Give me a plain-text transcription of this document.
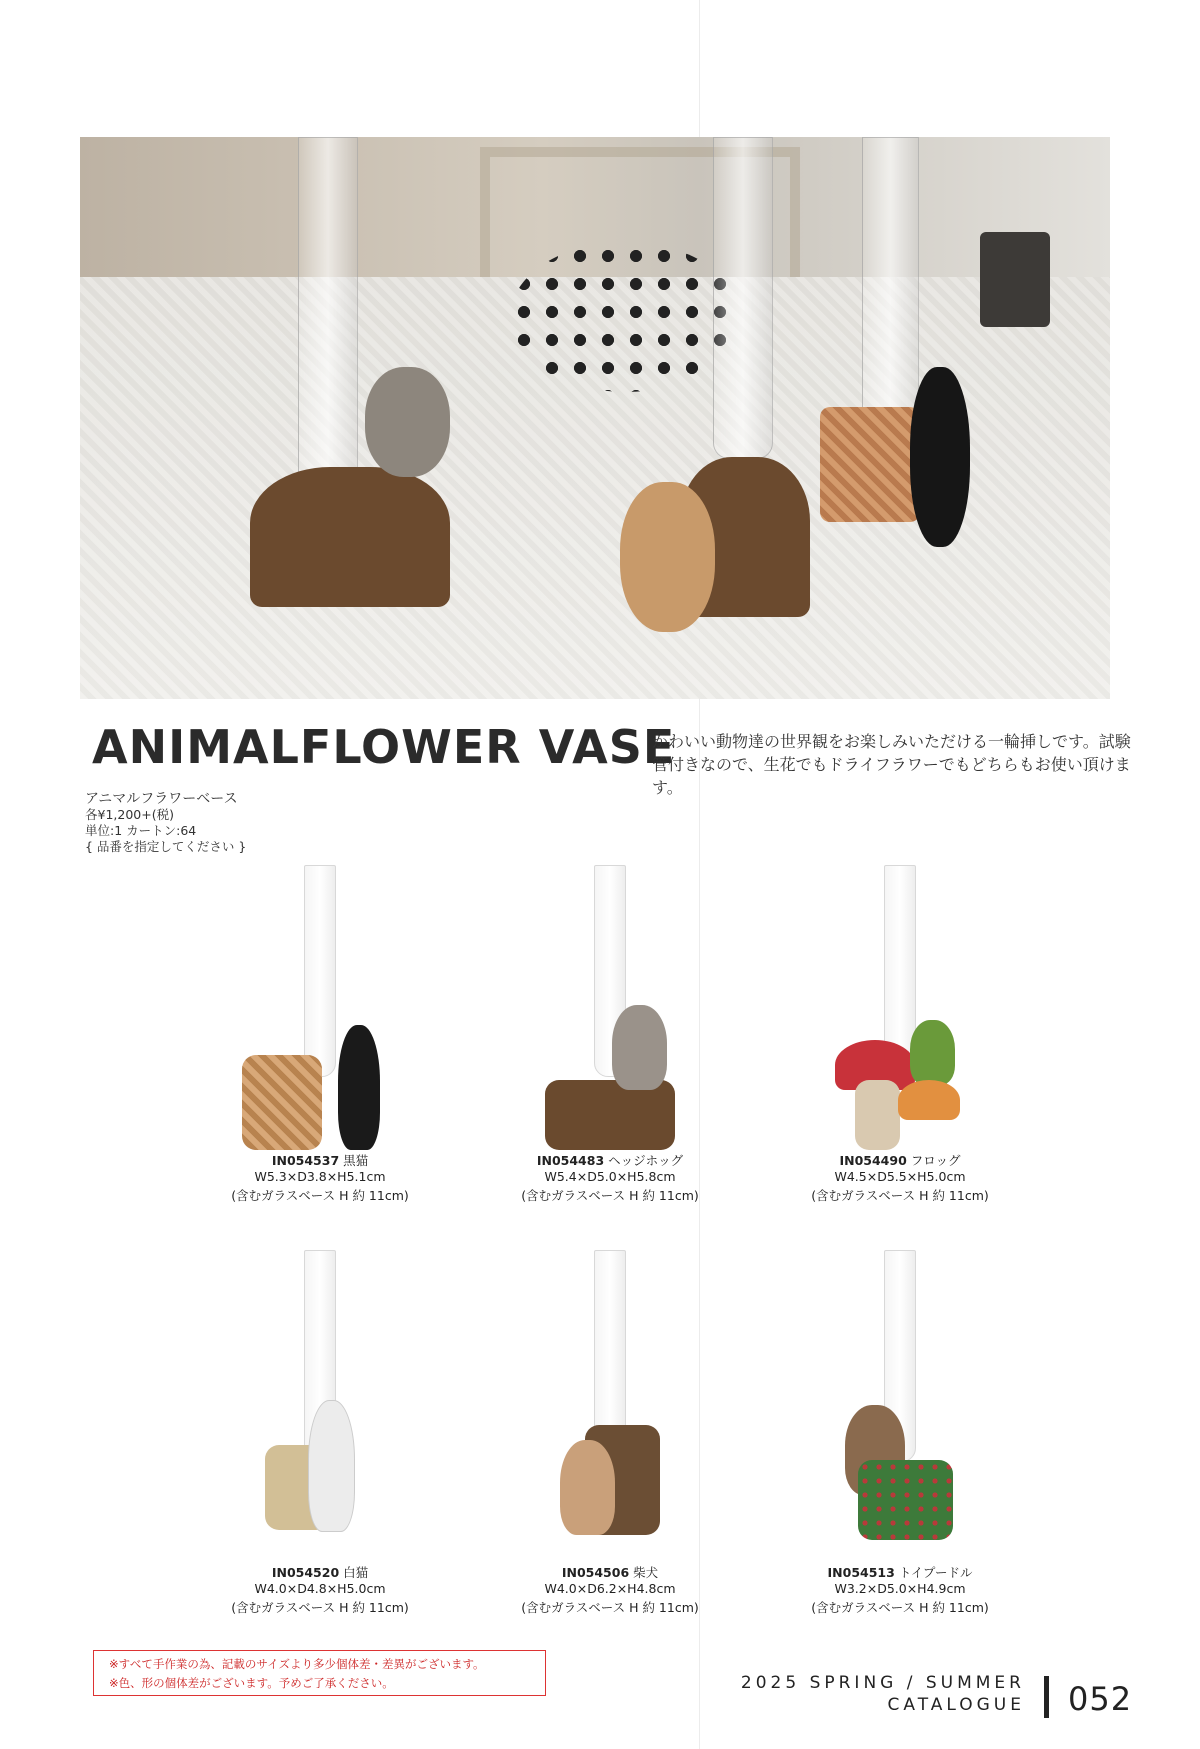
ANIMALFLOWER VASE
かわいい動物達の世界観をお楽しみいただける一輪挿しです。試験管付きなので、生花でもドライフラワーでもどちらもお使い頂けます。
アニマルフラワーベース
各¥1,200+(税)
単位:1 カートン:64
{ 品番を指定してください }
IN054537 黒猫
W5.3×D3.8×H5.1cm
(含むガラスベース H 約 11cm)
IN054483 ヘッジホッグ
W5.4×D5.0×H5.8cm
(含むガラスベース H 約 11cm)
IN054490 フロッグ
W4.5×D5.5×H5.0cm
(含むガラスベース H 約 11cm)
IN054520 白猫
W4.0×D4.8×H5.0cm
(含むガラスベース H 約 11cm)
IN054506 柴犬
W4.0×D6.2×H4.8cm
(含むガラスベース H 約 11cm)
IN054513 トイプードル
W3.2×D5.0×H4.9cm
(含むガラスベース H 約 11cm)
※すべて手作業の為、記載のサイズより多少個体差・差異がございます。
※色、形の個体差がございます。予めご了承ください。	2025 SPRING / SUMMER
CATALOGUE 052
